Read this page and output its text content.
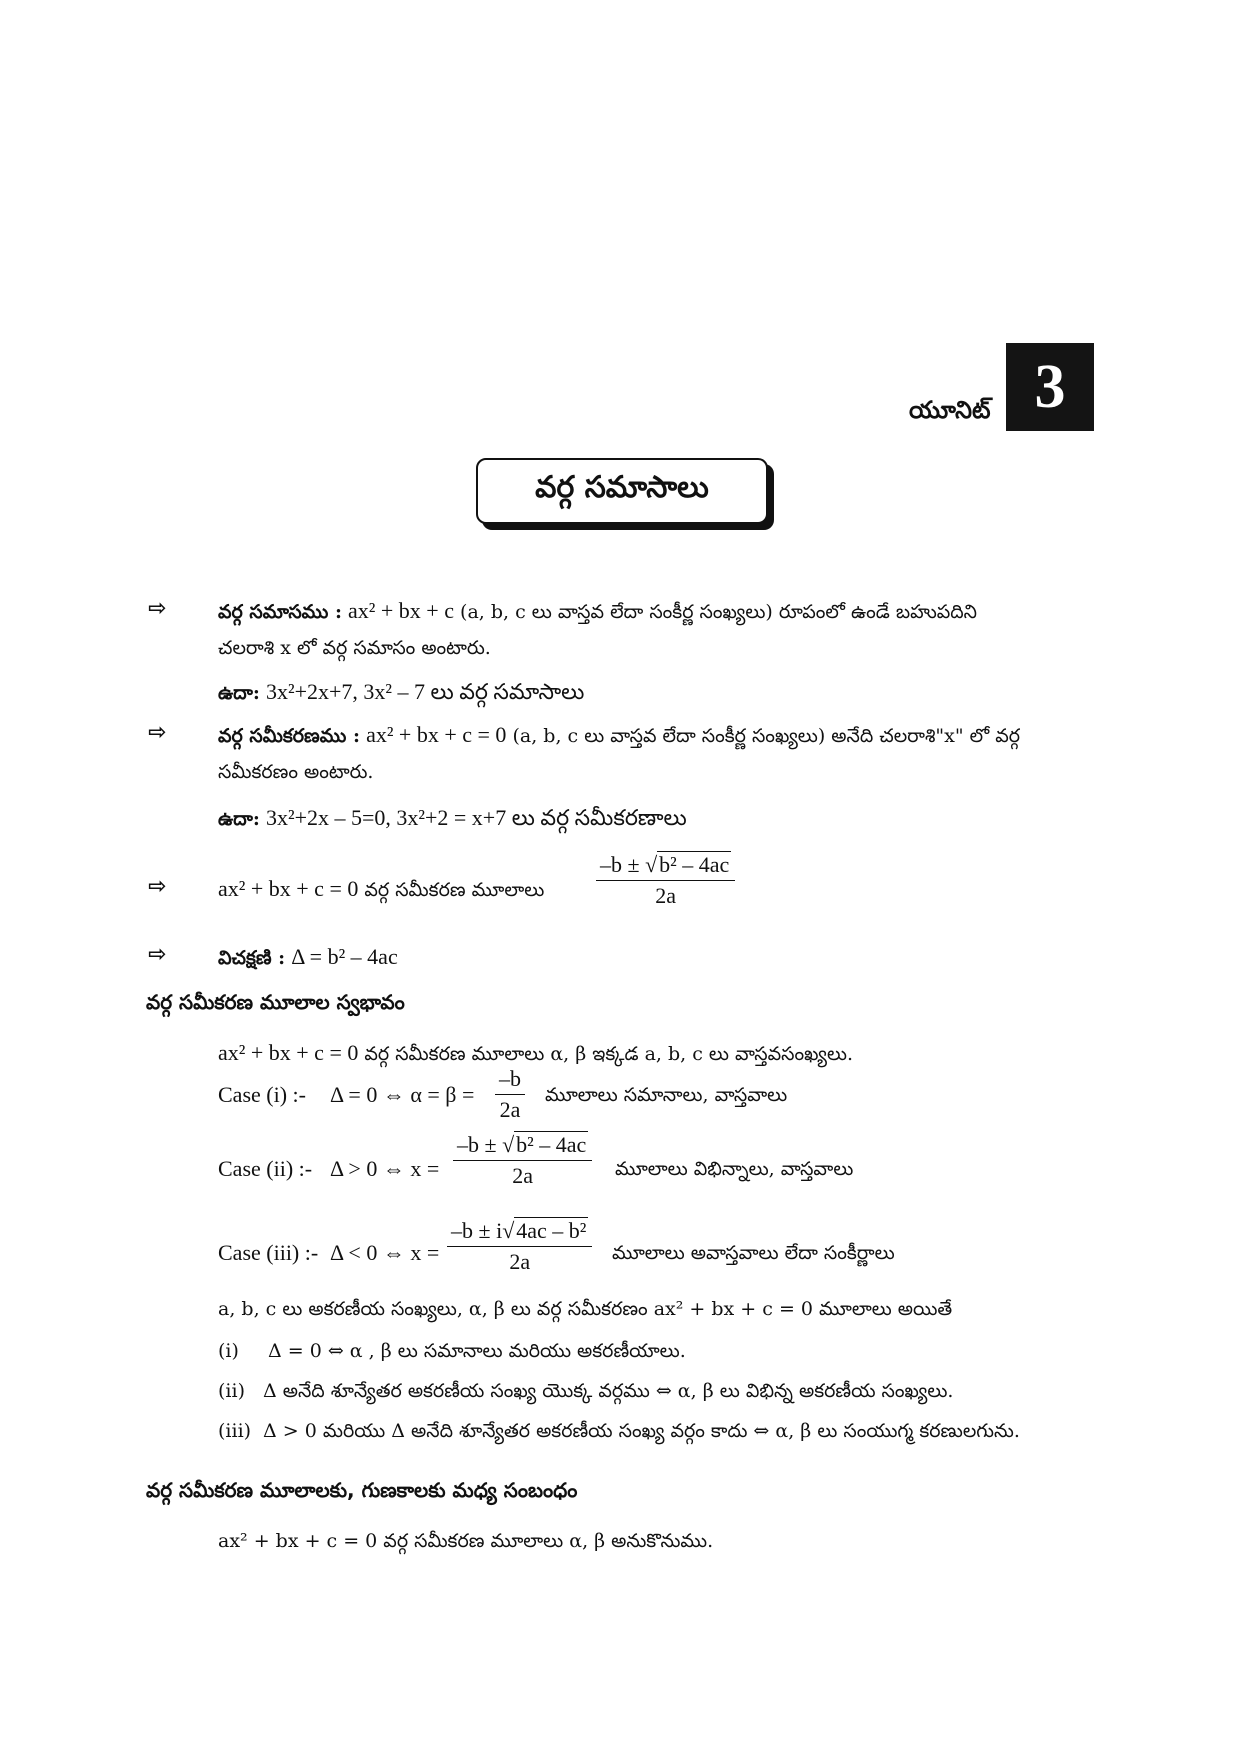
యూనిట్ 3
వర్గ సమాసాలు
⇨	వర్గ సమాసము : ax² + bx + c (a, b, c లు వాస్తవ లేదా సంకీర్ణ సంఖ్యలు) రూపంలో ఉండే బహుపదిని
చలరాశి x లో వర్గ సమాసం అంటారు.
ఉదా: 3x²+2x+7, 3x² – 7 లు వర్గ సమాసాలు
⇨	వర్గ సమీకరణము : ax² + bx + c = 0 (a, b, c లు వాస్తవ లేదా సంకీర్ణ సంఖ్యలు) అనేది చలరాశి"x" లో వర్గ
సమీకరణం అంటారు.
ఉదా: 3x²+2x – 5=0, 3x²+2 = x+7 లు వర్గ సమీకరణాలు
⇨ ax² + bx + c = 0 వర్గ సమీకరణ మూలాలు $\frac{\text{–b ± √b² – 4ac}}{2a}$
⇨	విచక్షణి : Δ = b² – 4ac
వర్గ సమీకరణ మూలాల స్వభావం
ax² + bx + c = 0 వర్గ సమీకరణ మూలాలు α, β ఇక్కడ a, b, c లు వాస్తవసంఖ్యలు.
Case (i) :- Δ = 0 ⇔ $\alpha = \beta = \frac{-b}{2a}$ మూలాలు సమానాలు, వాస్తవాలు
Case (ii) :- Δ > 0 ⇔ $x = \frac{\text{–b ± √b² – 4ac}}{2a}$ మూలాలు విభిన్నాలు, వాస్తవాలు
Case (iii) :- Δ < 0 ⇔ $x = \frac{\text{–b ± i√4ac – b²}}{2a}$ మూలాలు అవాస్తవాలు లేదా సంకీర్ణాలు
a, b, c లు అకరణీయ సంఖ్యలు, α, β లు వర్గ సమీకరణం ax² + bx + c = 0 మూలాలు అయితే
(i) Δ = 0 ⇔ α , β లు సమానాలు మరియు అకరణీయాలు.
(ii) Δ అనేది శూన్యేతర అకరణీయ సంఖ్య యొక్క వర్గము ⇔ α, β లు విభిన్న అకరణీయ సంఖ్యలు.
(iii) Δ > 0 మరియు Δ అనేది శూన్యేతర అకరణీయ సంఖ్య వర్గం కాదు ⇔ α, β లు సంయుగ్మ కరణులగును.
వర్గ సమీకరణ మూలాలకు, గుణకాలకు మధ్య సంబంధం
ax² + bx + c = 0 వర్గ సమీకరణ మూలాలు α, β అనుకొనుము.
